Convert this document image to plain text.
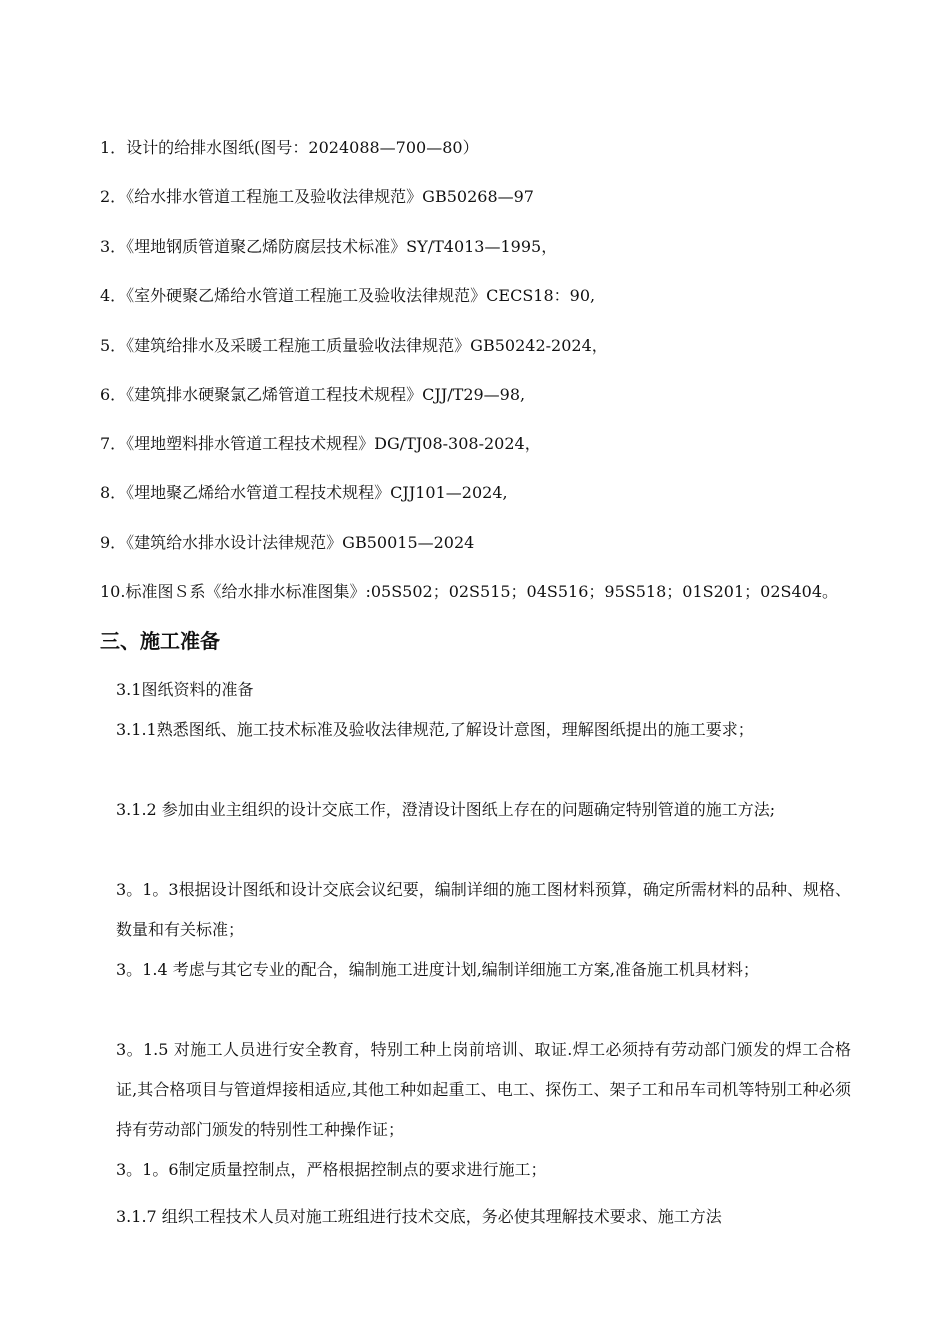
1．设计的给排水图纸(图号：2024088—700—80）
2．《给水排水管道工程施工及验收法律规范》GB50268—97
3．《埋地钢质管道聚乙烯防腐层技术标准》SY/T4013—1995，
4．《室外硬聚乙烯给水管道工程施工及验收法律规范》CECS18：90,
5．《建筑给排水及采暖工程施工质量验收法律规范》GB50242-2024，
6．《建筑排水硬聚氯乙烯管道工程技术规程》CJJ/T29—98,
7．《埋地塑料排水管道工程技术规程》DG/TJ08-308-2024，
8．《埋地聚乙烯给水管道工程技术规程》CJJ101—2024,
9．《建筑给水排水设计法律规范》GB50015—2024
10.标准图Ｓ系《给水排水标准图集》:05S502；02S515；04S516；95S518；01S201；02S404。
三、施工准备
3.1图纸资料的准备
3.1.1熟悉图纸、施工技术标准及验收法律规范,了解设计意图，理解图纸提出的施工要求；
3.1.2 参加由业主组织的设计交底工作，澄清设计图纸上存在的问题确定特别管道的施工方法;
3。1。3根据设计图纸和设计交底会议纪要，编制详细的施工图材料预算，确定所需材料的品种、规格、数量和有关标准；
3。1.4 考虑与其它专业的配合，编制施工进度计划,编制详细施工方案,准备施工机具材料；
3。1.5 对施工人员进行安全教育，特别工种上岗前培训、取证.焊工必须持有劳动部门颁发的焊工合格证,其合格项目与管道焊接相适应,其他工种如起重工、电工、探伤工、架子工和吊车司机等特别工种必须持有劳动部门颁发的特别性工种操作证；
3。1。6制定质量控制点，严格根据控制点的要求进行施工；
3.1.7 组织工程技术人员对施工班组进行技术交底，务必使其理解技术要求、施工方法
